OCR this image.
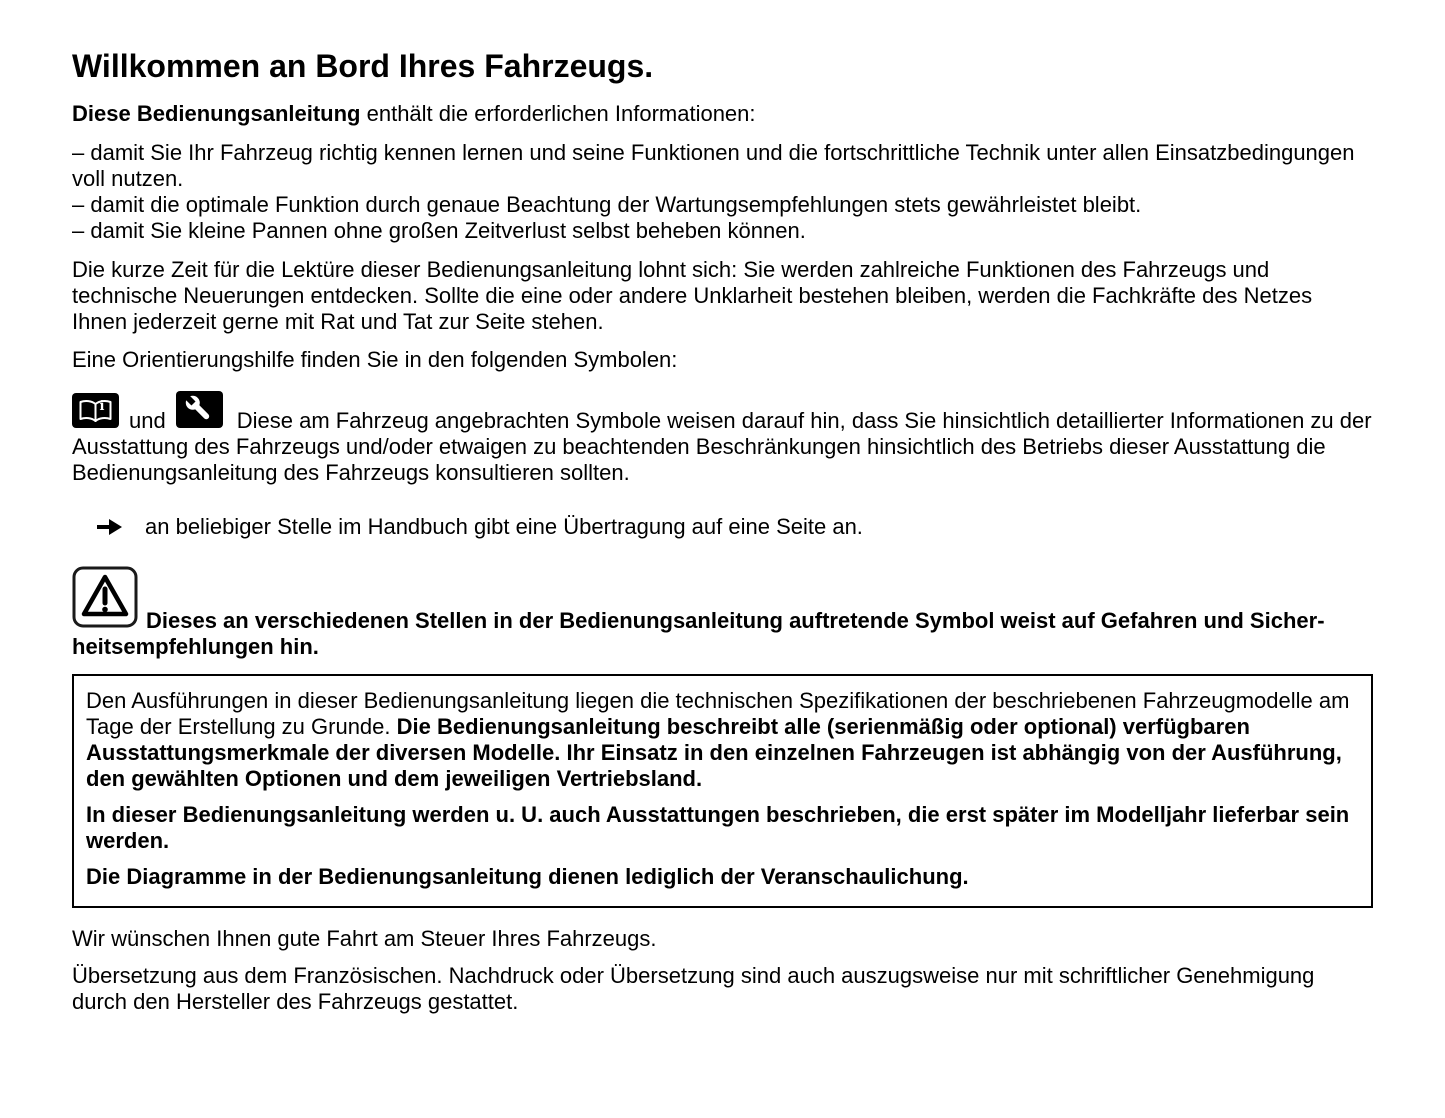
Willkommen an Bord Ihres Fahrzeugs.

Diese Bedienungsanleitung enthält die erforderlichen Informationen:

– damit Sie Ihr Fahrzeug richtig kennen lernen und seine Funktionen und die fortschrittliche Technik unter allen Einsatzbedingungen voll nutzen.

– damit die optimale Funktion durch genaue Beachtung der Wartungsempfehlungen stets gewährleistet bleibt.

– damit Sie kleine Pannen ohne großen Zeitverlust selbst beheben können.

Die kurze Zeit für die Lektüre dieser Bedienungsanleitung lohnt sich: Sie werden zahlreiche Funktionen des Fahrzeugs und technische Neuerungen entdecken. Sollte die eine oder andere Unklarheit bestehen bleiben, werden die Fachkräfte des Netzes Ihnen jederzeit gerne mit Rat und Tat zur Seite stehen.

Eine Orientierungshilfe finden Sie in den folgenden Symbolen:

i
und	Diese am Fahrzeug angebrachten Symbole weisen darauf hin, dass Sie hinsichtlich detaillierter Informationen zu der Ausstattung des Fahrzeugs und/oder etwaigen zu beachtenden Beschränkungen hinsichtlich des Betriebs dieser Ausstattung die Bedienungsanleitung des Fahrzeugs konsultieren sollten.

an beliebiger Stelle im Handbuch gibt eine Übertragung auf eine Seite an.

Dieses an verschiedenen Stellen in der Bedienungsanleitung auftretende Symbol weist auf Gefahren und Sicherheitsempfehlungen hin.

Den Ausführungen in dieser Bedienungsanleitung liegen die technischen Spezifikationen der beschriebenen Fahrzeugmodelle am Tage der Erstellung zu Grunde. Die Bedienungsanleitung beschreibt alle (serienmäßig oder optional) verfügbaren Ausstattungsmerkmale der diversen Modelle. Ihr Einsatz in den einzelnen Fahrzeugen ist abhängig von der Ausführung, den gewählten Optionen und dem jeweiligen Vertriebsland.

In dieser Bedienungsanleitung werden u. U. auch Ausstattungen beschrieben, die erst später im Modelljahr lieferbar sein werden.

Die Diagramme in der Bedienungsanleitung dienen lediglich der Veranschaulichung.

Wir wünschen Ihnen gute Fahrt am Steuer Ihres Fahrzeugs.

Übersetzung aus dem Französischen. Nachdruck oder Übersetzung sind auch auszugsweise nur mit schriftlicher Genehmigung durch den Hersteller des Fahrzeugs gestattet.
